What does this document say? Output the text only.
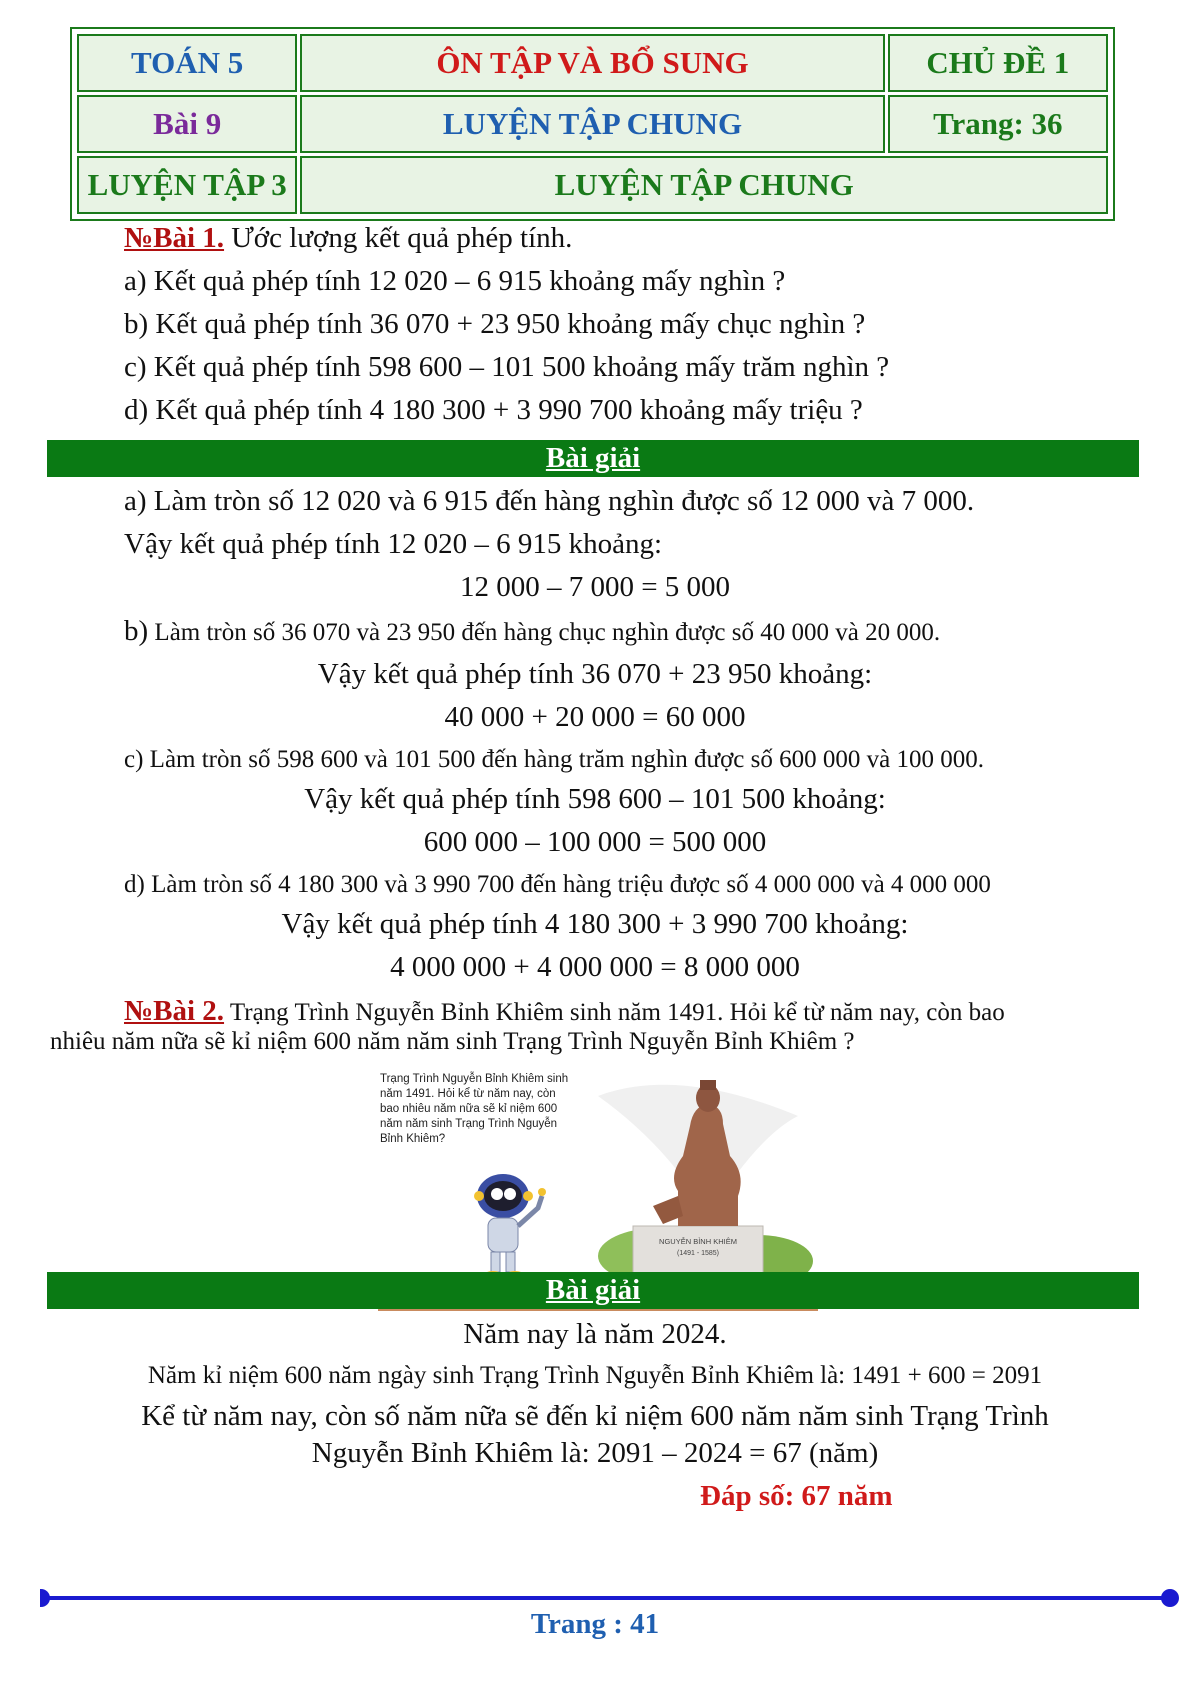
TOÁN 5	ÔN TẬP VÀ BỔ SUNG	CHỦ ĐỀ 1
Bài 9	LUYỆN TẬP CHUNG	Trang: 36
LUYỆN TẬP 3	LUYỆN TẬP CHUNG	
№Bài 1. Ước lượng kết quả phép tính.
a) Kết quả phép tính 12 020 – 6 915 khoảng mấy nghìn ?
b) Kết quả phép tính 36 070 + 23 950 khoảng mấy chục nghìn ?
c) Kết quả phép tính 598 600 – 101 500 khoảng mấy trăm nghìn ?
d) Kết quả phép tính 4 180 300 + 3 990 700 khoảng mấy triệu ?
Bài giải
a) Làm tròn số 12 020 và 6 915 đến hàng nghìn được số 12 000 và 7 000.
Vậy kết quả phép tính 12 020 – 6 915 khoảng:
12 000 – 7 000 = 5 000
b) Làm tròn số 36 070 và 23 950 đến hàng chục nghìn được số 40 000 và 20 000.
Vậy kết quả phép tính 36 070 + 23 950 khoảng:
40 000 + 20 000 = 60 000
c) Làm tròn số 598 600 và 101 500 đến hàng trăm nghìn được số 600 000 và 100 000.
Vậy kết quả phép tính 598 600 – 101 500 khoảng:
600 000 – 100 000 = 500 000
d) Làm tròn số 4 180 300 và 3 990 700 đến hàng triệu được số 4 000 000 và 4 000 000
Vậy kết quả phép tính 4 180 300 + 3 990 700 khoảng:
4 000 000 + 4 000 000 = 8 000 000
№Bài 2. Trạng Trình Nguyễn Bỉnh Khiêm sinh năm 1491. Hỏi kể từ năm nay, còn bao
nhiêu năm nữa sẽ kỉ niệm 600 năm năm sinh Trạng Trình Nguyễn Bỉnh Khiêm ?
NGUYỄN BỈNH KHIÊM
(1491 - 1585)
Trạng Trình Nguyễn Bỉnh Khiêm sinh năm 1491. Hỏi kể từ năm nay, còn bao nhiêu năm nữa sẽ kỉ niệm 600 năm năm sinh Trạng Trình Nguyễn Bỉnh Khiêm?
Bài giải
Năm nay là năm 2024.
Năm kỉ niệm 600 năm ngày sinh Trạng Trình Nguyễn Bỉnh Khiêm là: 1491 + 600 = 2091
Kể từ năm nay, còn số năm nữa sẽ đến kỉ niệm 600 năm năm sinh Trạng Trình
Nguyễn Bỉnh Khiêm là: 2091 – 2024 = 67 (năm)
Đáp số: 67 năm
Trang : 41
